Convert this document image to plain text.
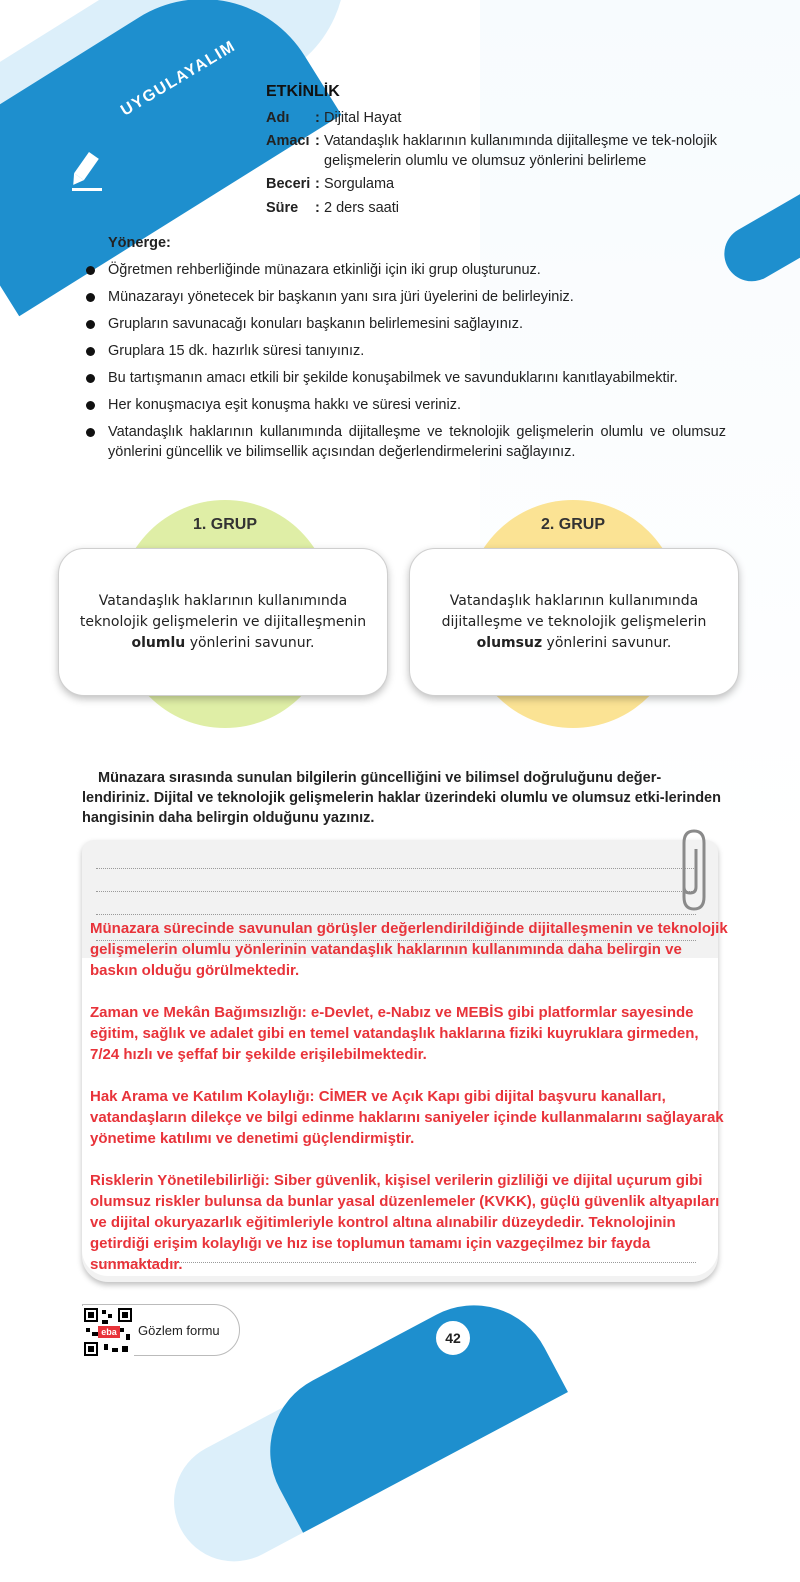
UYGULAYALIM ETKİNLİK
Adı : Dijital Hayat
Amacı : Vatandaşlık haklarının kullanımında dijitalleşme ve tek-nolojik gelişmelerin olumlu ve olumsuz yönlerini belirleme
Beceri : Sorgulama
Süre : 2 ders saati
Yönerge:
Öğretmen rehberliğinde münazara etkinliği için iki grup oluşturunuz.
Münazarayı yönetecek bir başkanın yanı sıra jüri üyelerini de belirleyiniz.
Grupların savunacağı konuları başkanın belirlemesini sağlayınız.
Gruplara 15 dk. hazırlık süresi tanıyınız.
Bu tartışmanın amacı etkili bir şekilde konuşabilmek ve savunduklarını kanıtlayabilmektir.
Her konuşmacıya eşit konuşma hakkı ve süresi veriniz.
Vatandaşlık haklarının kullanımında dijitalleşme ve teknolojik gelişmelerin olumlu ve olumsuz yönlerini güncellik ve bilimsellik açısından değerlendirmelerini sağlayınız.
1. GRUP	2. GRUP
Vatandaşlık haklarının kullanımında teknolojik gelişmelerin ve dijitalleşmenin olumlu yönlerini savunur.
Vatandaşlık haklarının kullanımında dijitalleşme ve teknolojik gelişmelerin olumsuz yönlerini savunur.
Münazara sırasında sunulan bilgilerin güncelliğini ve bilimsel doğruluğunu değer-lendiriniz. Dijital ve teknolojik gelişmelerin haklar üzerindeki olumlu ve olumsuz etki-lerinden hangisinin daha belirgin olduğunu yazınız.

Münazara sürecinde savunulan görüşler değerlendirildiğinde dijitalleşmenin ve teknolojik gelişmelerin olumlu yönlerinin vatandaşlık haklarının kullanımında daha belirgin ve baskın olduğu görülmektedir.

Zaman ve Mekân Bağımsızlığı: e-Devlet, e-Nabız ve MEBİS gibi platformlar sayesinde eğitim, sağlık ve adalet gibi en temel vatandaşlık haklarına fiziki kuyruklara girmeden, 7/24 hızlı ve şeffaf bir şekilde erişilebilmektedir.

Hak Arama ve Katılım Kolaylığı: CİMER ve Açık Kapı gibi dijital başvuru kanalları, vatandaşların dilekçe ve bilgi edinme haklarını saniyeler içinde kullanmalarını sağlayarak yönetime katılımı ve denetimi güçlendirmiştir.

Risklerin Yönetilebilirliği: Siber güvenlik, kişisel verilerin gizliliği ve dijital uçurum gibi olumsuz riskler bulunsa da bunlar yasal düzenlemeler (KVKK), güçlü güvenlik altyapıları ve dijital okuryazarlık eğitimleriyle kontrol altına alınabilir düzeydedir. Teknolojinin getirdiği erişim kolaylığı ve hız ise toplumun tamamı için vazgeçilmez bir fayda sunmaktadır.

eba Gözlem formu	42
